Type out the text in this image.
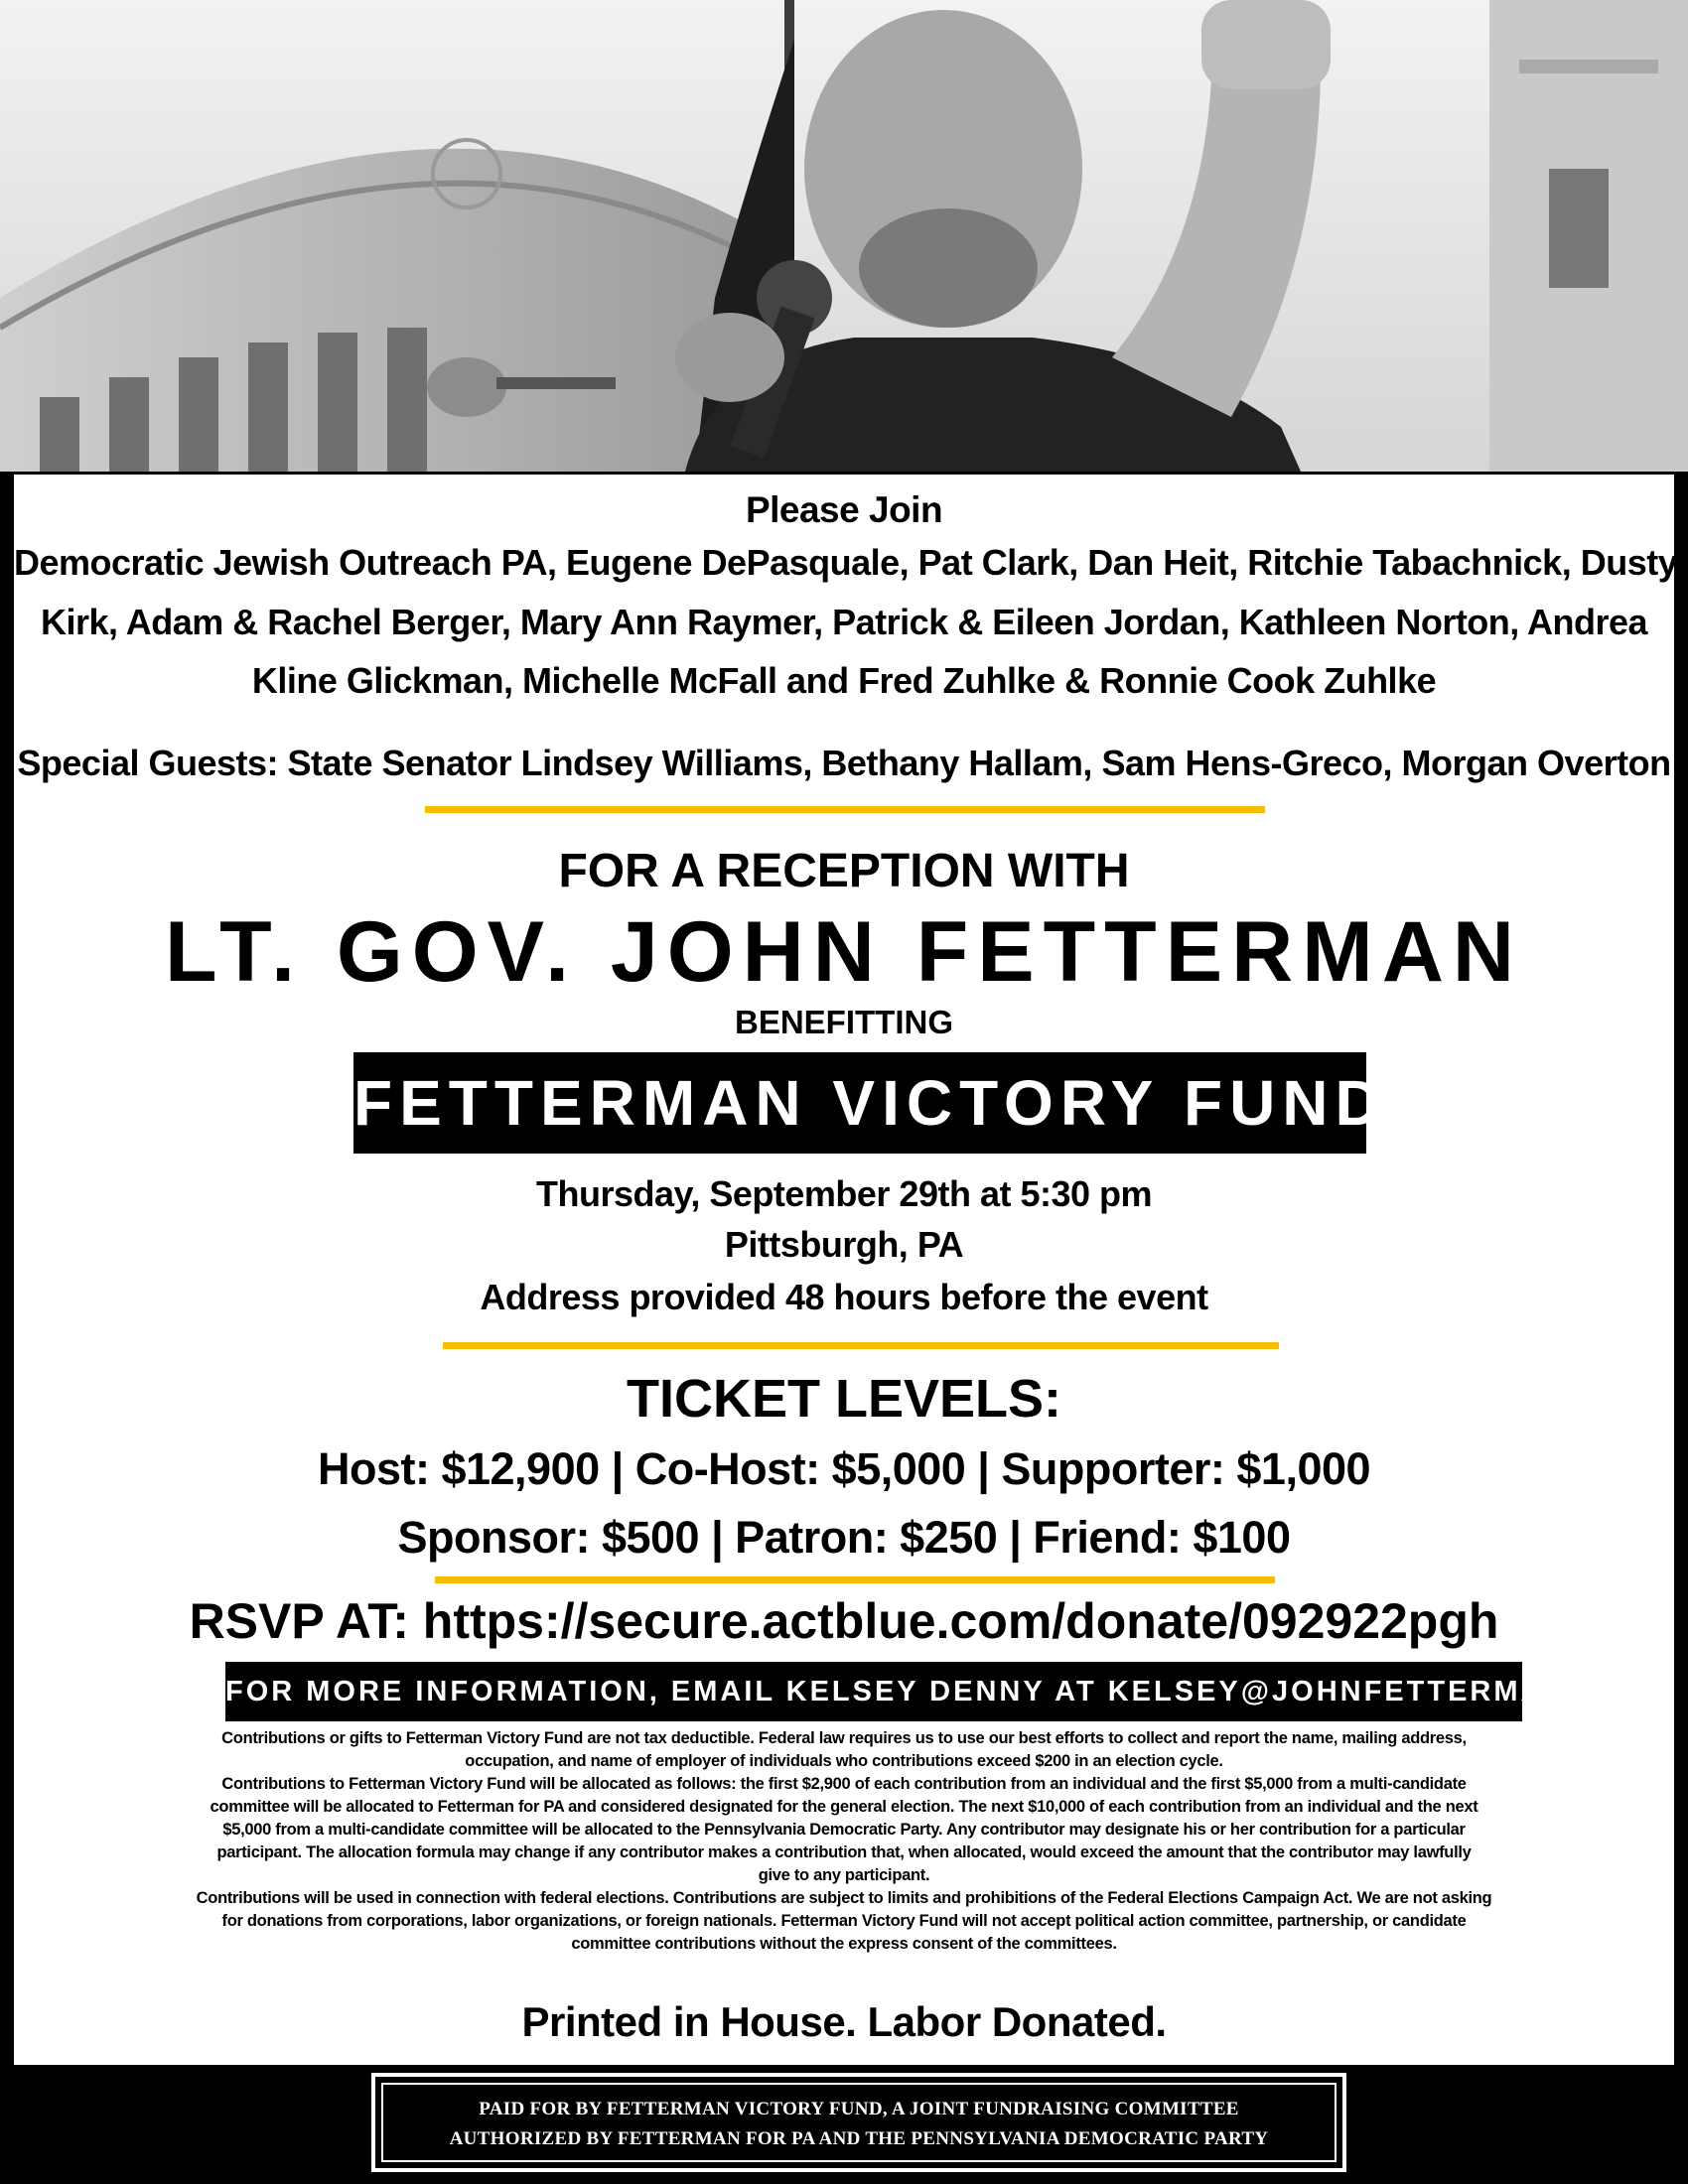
Please Join
Democratic Jewish Outreach PA, Eugene DePasquale, Pat Clark, Dan Heit, Ritchie Tabachnick, Dusty
Kirk, Adam & Rachel Berger, Mary Ann Raymer, Patrick & Eileen Jordan, Kathleen Norton, Andrea
Kline Glickman, Michelle McFall and Fred Zuhlke & Ronnie Cook Zuhlke
Special Guests: State Senator Lindsey Williams, Bethany Hallam, Sam Hens-Greco, Morgan Overton
FOR A RECEPTION WITH
LT. GOV. JOHN FETTERMAN
BENEFITTING
FETTERMAN VICTORY FUND
Thursday, September 29th at 5:30 pm
Pittsburgh, PA
Address provided 48 hours before the event
TICKET LEVELS:
Host: $12,900 | Co-Host: $5,000 | Supporter: $1,000
Sponsor: $500 | Patron: $250 | Friend: $100
RSVP AT: https://secure.actblue.com/donate/092922pgh
FOR MORE INFORMATION, EMAIL KELSEY DENNY AT KELSEY@JOHNFETTERMAN.COM
Contributions or gifts to Fetterman Victory Fund are not tax deductible. Federal law requires us to use our best efforts to collect and report the name, mailing address,
occupation, and name of employer of individuals who contributions exceed $200 in an election cycle.
Contributions to Fetterman Victory Fund will be allocated as follows: the first $2,900 of each contribution from an individual and the first $5,000 from a multi-candidate
committee will be allocated to Fetterman for PA and considered designated for the general election. The next $10,000 of each contribution from an individual and the next
$5,000 from a multi-candidate committee will be allocated to the Pennsylvania Democratic Party. Any contributor may designate his or her contribution for a particular
participant. The allocation formula may change if any contributor makes a contribution that, when allocated, would exceed the amount that the contributor may lawfully
give to any participant.
Contributions will be used in connection with federal elections. Contributions are subject to limits and prohibitions of the Federal Elections Campaign Act. We are not asking
for donations from corporations, labor organizations, or foreign nationals. Fetterman Victory Fund will not accept political action committee, partnership, or candidate
committee contributions without the express consent of the committees.
Printed in House. Labor Donated.
PAID FOR BY FETTERMAN VICTORY FUND, A JOINT FUNDRAISING COMMITTEE
AUTHORIZED BY FETTERMAN FOR PA AND THE PENNSYLVANIA DEMOCRATIC PARTY
